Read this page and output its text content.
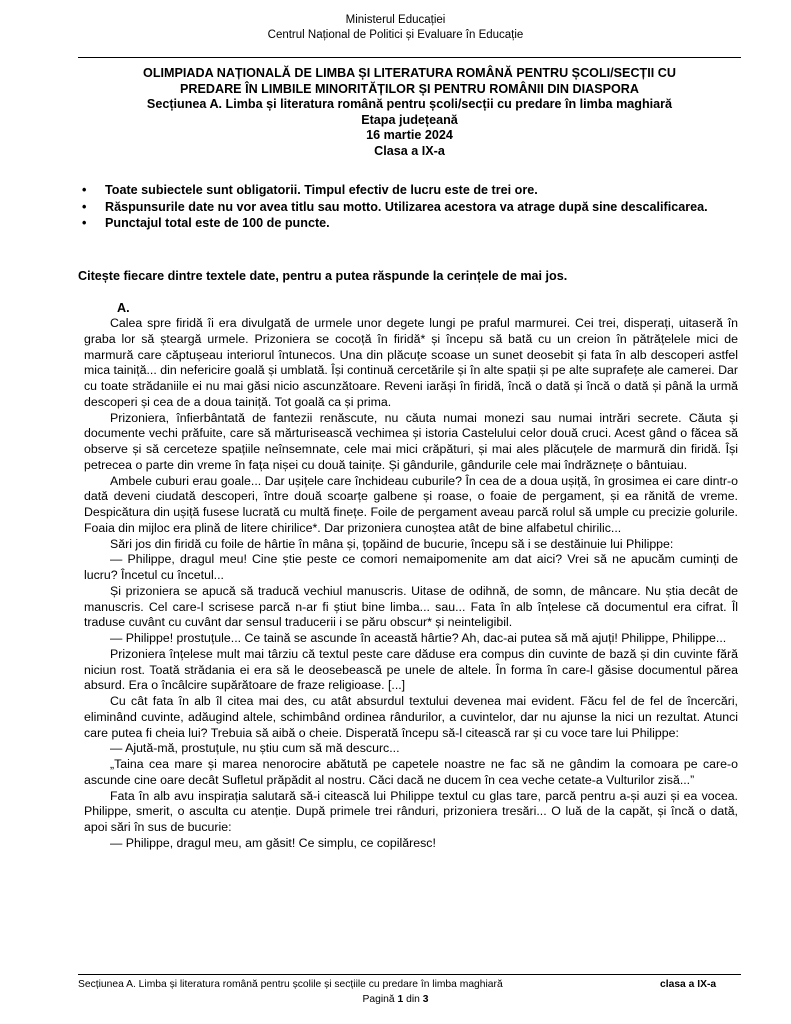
Ministerul Educației
Centrul Național de Politici și Evaluare în Educație
OLIMPIADA NAȚIONALĂ DE LIMBA ȘI LITERATURA ROMÂNĂ PENTRU ȘCOLI/SECȚII CU
PREDARE ÎN LIMBILE MINORITĂȚILOR ȘI PENTRU ROMÂNII DIN DIASPORA
Secțiunea A. Limba și literatura română pentru școli/secții cu predare în limba maghiară
Etapa județeană
16 martie 2024
Clasa a IX-a
• Toate subiectele sunt obligatorii. Timpul efectiv de lucru este de trei ore.
• Răspunsurile date nu vor avea titlu sau motto. Utilizarea acestora va atrage după sine descalificarea.
• Punctajul total este de 100 de puncte.
Citește fiecare dintre textele date, pentru a putea răspunde la cerințele de mai jos.
A.

Calea spre firidă îi era divulgată de urmele unor degete lungi pe praful marmurei. Cei trei, disperați, uitaseră în graba lor să șteargă urmele. Prizoniera se cocoță în firidă* și începu să bată cu un creion în pătrățelele mici de marmură care căptușeau interiorul întunecos. Una din plăcuțe scoase un sunet deosebit și fata în alb descoperi astfel mica tainiță... din nefericire goală și umblată. Își continuă cercetările și în alte spații și pe alte suprafețe ale camerei. Dar cu toate strădaniile ei nu mai găsi nicio ascunzătoare. Reveni iarăși în firidă, încă o dată și încă o dată și până la urmă descoperi și cea de a doua tainiță. Tot goală ca și prima.

Prizoniera, înfierbântată de fantezii renăscute, nu căuta numai monezi sau numai intrări secrete. Căuta și documente vechi prăfuite, care să mărturisească vechimea și istoria Castelului celor două cruci. Acest gând o făcea să observe și să cerceteze spațiile neînsemnate, cele mai mici crăpături, și mai ales plăcuțele de marmură din firidă. Își petrecea o parte din vreme în fața nișei cu două tainițe. Și gândurile, gândurile cele mai îndrăznețe o bântuiau.

Ambele cuburi erau goale... Dar ușițele care închideau cuburile? În cea de a doua ușiță, în grosimea ei care dintr-o dată deveni ciudată descoperi, între două scoarțe galbene și roase, o foaie de pergament, și ea rănită de vreme. Despicătura din ușiță fusese lucrată cu multă finețe. Foile de pergament aveau parcă rolul să umple cu precizie golurile. Foaia din mijloc era plină de litere chirilice*. Dar prizoniera cunoștea atât de bine alfabetul chirilic...

Sări jos din firidă cu foile de hârtie în mâna și, țopăind de bucurie, începu să i se destăinuie lui Philippe:

— Philippe, dragul meu! Cine știe peste ce comori nemaipomenite am dat aici? Vrei să ne apucăm cuminți de lucru? Încetul cu încetul...

Și prizoniera se apucă să traducă vechiul manuscris. Uitase de odihnă, de somn, de mâncare. Nu știa decât de manuscris. Cel care-l scrisese parcă n-ar fi știut bine limba... sau... Fata în alb înțelese că documentul era cifrat. Îl traduse cuvânt cu cuvânt dar sensul traducerii i se păru obscur* și neinteligibil.

— Philippe! prostuțule... Ce taină se ascunde în această hârtie? Ah, dac-ai putea să mă ajuți! Philippe, Philippe...

Prizoniera înțelese mult mai târziu că textul peste care dăduse era compus din cuvinte de bază și din cuvinte fără niciun rost. Toată strădania ei era să le deosebească pe unele de altele. În forma în care-l găsise documentul părea absurd. Era o încâlcire supărătoare de fraze religioase. [...]

Cu cât fata în alb îl citea mai des, cu atât absurdul textului devenea mai evident. Făcu fel de fel de încercări, eliminând cuvinte, adăugind altele, schimbând ordinea rândurilor, a cuvintelor, dar nu ajunse la nici un rezultat. Atunci care putea fi cheia lui? Trebuia să aibă o cheie. Disperată începu să-l citească rar și cu voce tare lui Philippe:

— Ajută-mă, prostuțule, nu știu cum să mă descurc...

„Taina cea mare și marea nenorocire abătută pe capetele noastre ne fac să ne gândim la comoara pe care-o ascunde cine oare decât Sufletul prăpădit al nostru. Căci dacă ne ducem în cea veche cetate-a Vulturilor zisă...”

Fata în alb avu inspirația salutară să-i citească lui Philippe textul cu glas tare, parcă pentru a-și auzi și ea vocea. Philippe, smerit, o asculta cu atenție. După primele trei rânduri, prizoniera tresări... O luă de la capăt, și încă o dată, apoi sări în sus de bucurie:

— Philippe, dragul meu, am găsit! Ce simplu, ce copilăresc!

Secțiunea A. Limba și literatura română pentru școlile și secțiile cu predare în limba maghiară	clasa a IX-a
Pagină 1 din 3
